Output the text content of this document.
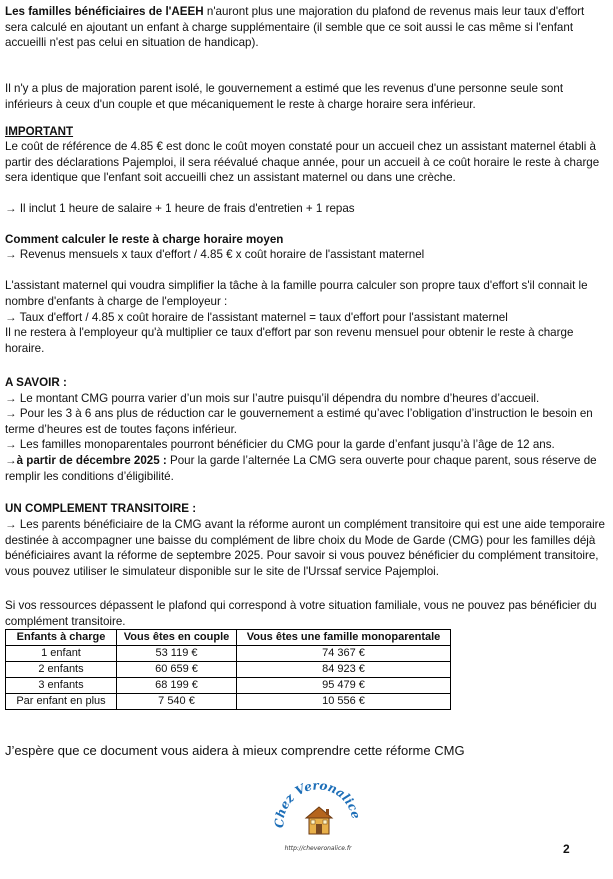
Les familles bénéficiaires de l'AEEH n'auront plus une majoration du plafond de revenus mais leur taux d'effort sera calculé en ajoutant un enfant à charge supplémentaire (il semble que ce soit aussi le cas même si l'enfant accueilli n'est pas celui en situation de handicap).
Il n'y a plus de majoration parent isolé, le gouvernement a estimé que les revenus d'une personne seule sont inférieurs à ceux d'un couple et que mécaniquement le reste à charge horaire sera inférieur.
IMPORTANT
Le coût de référence de 4.85 € est donc le coût moyen constaté pour un accueil chez un assistant maternel établi à partir des déclarations Pajemploi, il sera réévalué chaque année, pour un accueil à ce coût horaire le reste à charge sera identique que l'enfant soit accueilli chez un assistant maternel ou dans une crèche.
→ Il inclut 1 heure de salaire + 1 heure de frais d'entretien + 1 repas
Comment calculer le reste à charge horaire moyen
→ Revenus mensuels x taux d'effort / 4.85 € x coût horaire de l'assistant maternel
L'assistant maternel qui voudra simplifier la tâche à la famille pourra calculer son propre taux d'effort s'il connait le nombre d'enfants à charge de l'employeur :
→ Taux d'effort / 4.85 x coût horaire de l'assistant maternel = taux d'effort pour l'assistant maternel
Il ne restera à l'employeur qu'à multiplier ce taux d'effort par son revenu mensuel pour obtenir le reste à charge horaire.
A SAVOIR :
→ Le montant CMG pourra varier d’un mois sur l’autre puisqu’il dépendra du nombre d’heures d’accueil.
→ Pour les 3 à 6 ans plus de réduction car le gouvernement a estimé qu’avec l’obligation d’instruction le besoin en terme d’heures est de toutes façons inférieur.
→ Les familles monoparentales pourront bénéficier du CMG pour la garde d’enfant jusqu’à l’âge de 12 ans.
→à partir de décembre 2025 : Pour la garde l’alternée La CMG sera ouverte pour chaque parent, sous réserve de remplir les conditions d’éligibilité.
UN COMPLEMENT TRANSITOIRE :
→ Les parents bénéficiaire de la CMG avant la réforme auront un complément transitoire qui est une aide temporaire destinée à accompagner une baisse du complément de libre choix du Mode de Garde (CMG) pour les familles déjà bénéficiaires avant la réforme de septembre 2025. Pour savoir si vous pouvez bénéficier du complément transitoire, vous pouvez utiliser le simulateur disponible sur le site de l'Urssaf service Pajemploi.
Si vos ressources dépassent le plafond qui correspond à votre situation familiale, vous ne pouvez pas bénéficier du complément transitoire.
Enfants à charge	Vous êtes en couple	Vous êtes une famille monoparentale
1 enfant	53 119 €	74 367 €
2 enfants	60 659 €	84 923 €
3 enfants	68 199 €	95 479 €
Par enfant en plus	7 540 €	10 556 €
J’espère que ce document vous aidera à mieux comprendre cette réforme CMG
Chez Veronalice
http://cheveronalice.fr	2
